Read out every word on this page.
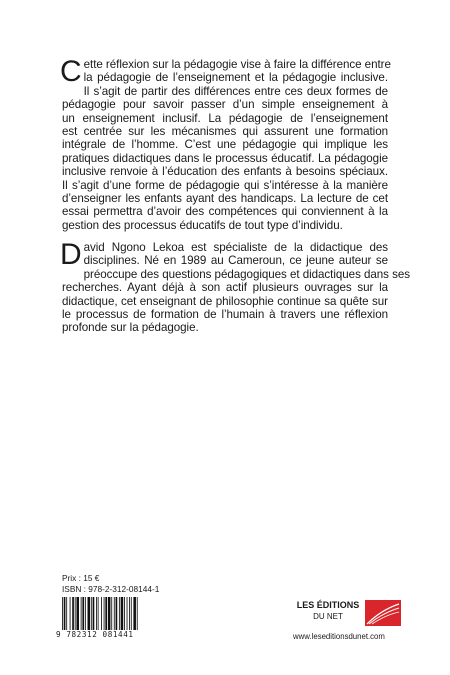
C ette réflexion sur la pédagogie vise à faire la différence entre
la pédagogie de l’enseignement et la pédagogie inclusive.
Il s’agit de partir des différences entre ces deux formes de
pédagogie pour savoir passer d’un simple enseignement à
un enseignement inclusif. La pédagogie de l’enseignement
est centrée sur les mécanismes qui assurent une formation
intégrale de l’homme. C’est une pédagogie qui implique les
pratiques didactiques dans le processus éducatif. La pédagogie
inclusive renvoie à l’éducation des enfants à besoins spéciaux.
Il s’agit d’une forme de pédagogie qui s’intéresse à la manière
d’enseigner les enfants ayant des handicaps. La lecture de cet
essai permettra d’avoir des compétences qui conviennent à la
gestion des processus éducatifs de tout type d’individu.
D avid Ngono Lekoa est spécialiste de la didactique des
disciplines. Né en 1989 au Cameroun, ce jeune auteur se
préoccupe des questions pédagogiques et didactiques dans ses
recherches. Ayant déjà à son actif plusieurs ouvrages sur la
didactique, cet enseignant de philosophie continue sa quête sur
le processus de formation de l’humain à travers une réflexion
profonde sur la pédagogie.
Prix : 15 €
ISBN : 978-2-312-08144-1
9 782312 081441
LES ÉDITIONS
DU NET
www.leseditionsdunet.com
